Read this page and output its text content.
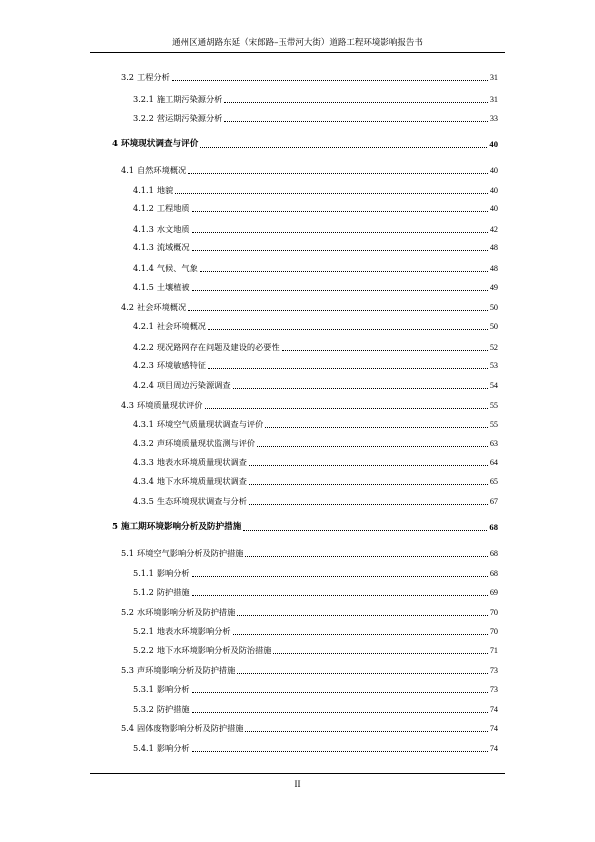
通州区通胡路东延（宋郎路–玉带河大街）道路工程环境影响报告书
3.2 工程分析	31
3.2.1 施工期污染源分析	31
3.2.2 营运期污染源分析	33
4 环境现状调查与评价	40
4.1 自然环境概况	40
4.1.1 地貌	40
4.1.2 工程地质	40
4.1.3 水文地质	42
4.1.3 流域概况	48
4.1.4 气候、气象	48
4.1.5 土壤植被	49
4.2 社会环境概况	50
4.2.1 社会环境概况	50
4.2.2 现况路网存在问题及建设的必要性	52
4.2.3 环境敏感特征	53
4.2.4 项目周边污染源调查	54
4.3 环境质量现状评价	55
4.3.1 环境空气质量现状调查与评价	55
4.3.2 声环境质量现状监测与评价	63
4.3.3 地表水环境质量现状调查	64
4.3.4 地下水环境质量现状调查	65
4.3.5 生态环境现状调查与分析	67
5 施工期环境影响分析及防护措施	68
5.1 环境空气影响分析及防护措施	68
5.1.1 影响分析	68
5.1.2 防护措施	69
5.2 水环境影响分析及防护措施	70
5.2.1 地表水环境影响分析	70
5.2.2 地下水环境影响分析及防治措施	71
5.3 声环境影响分析及防护措施	73
5.3.1 影响分析	73
5.3.2 防护措施	74
5.4 固体废物影响分析及防护措施	74
5.4.1 影响分析	74
II
